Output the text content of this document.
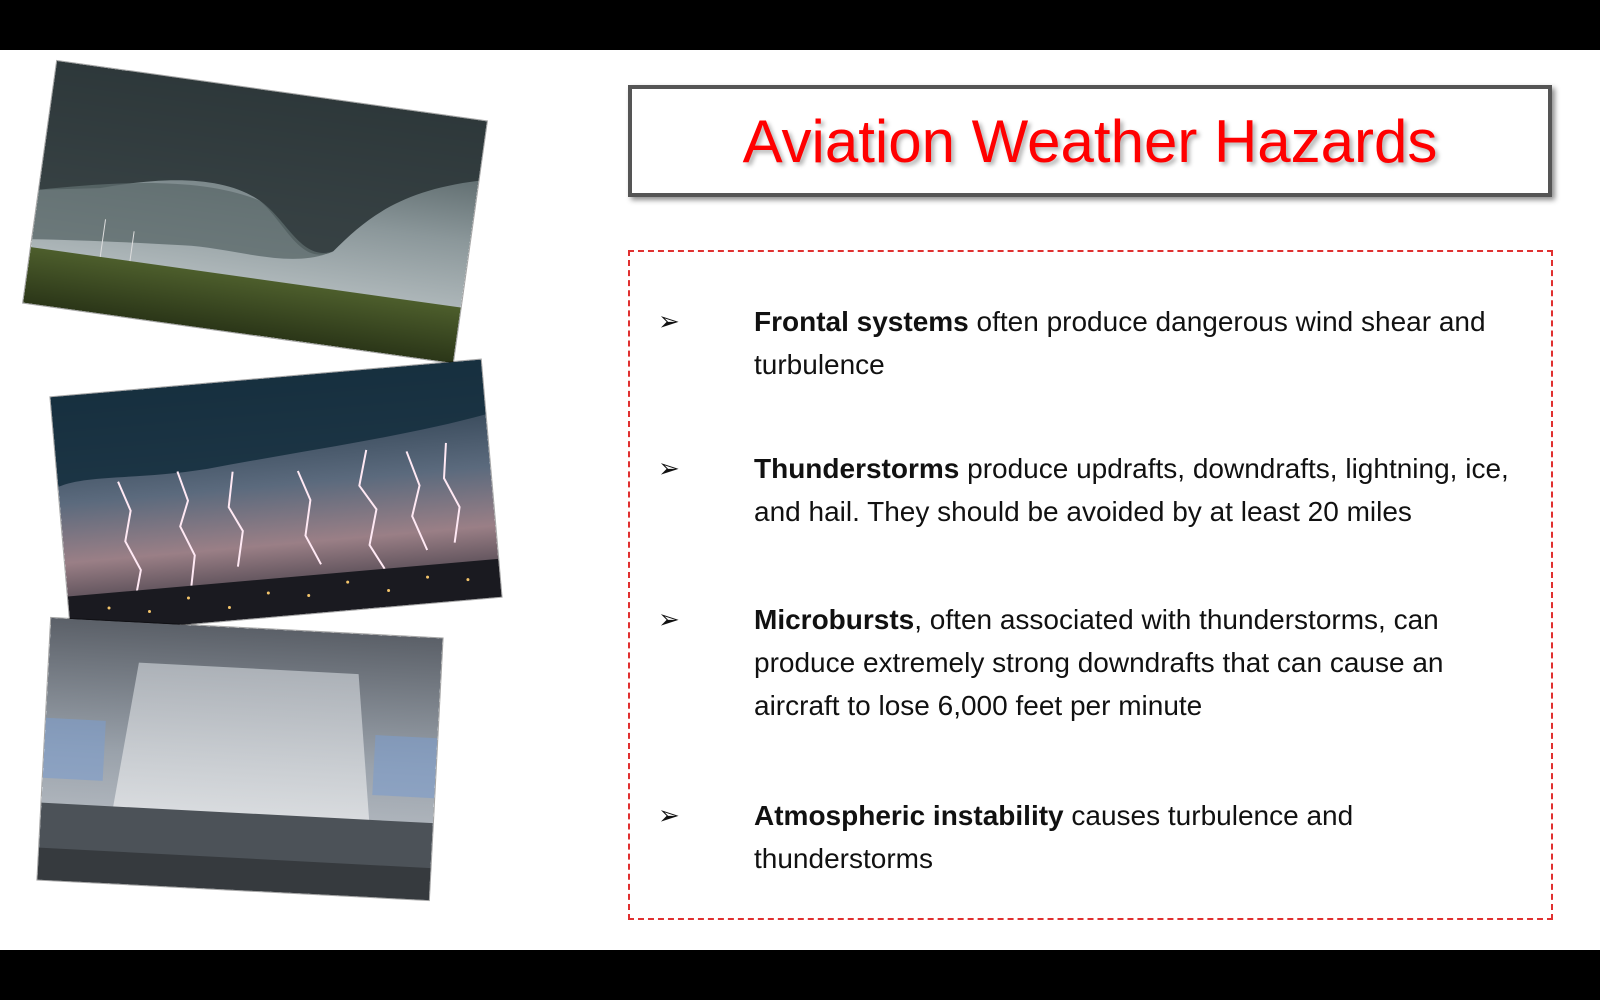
Aviation Weather Hazards
➢	Frontal systems often produce dangerous wind shear and turbulence
➢	Thunderstorms produce updrafts, downdrafts, lightning, ice, and hail. They should be avoided by at least 20 miles
➢	Microbursts, often associated with thunderstorms, can produce extremely strong downdrafts that can cause an aircraft to lose 6,000 feet per minute
➢	Atmospheric instability causes turbulence and thunderstorms
